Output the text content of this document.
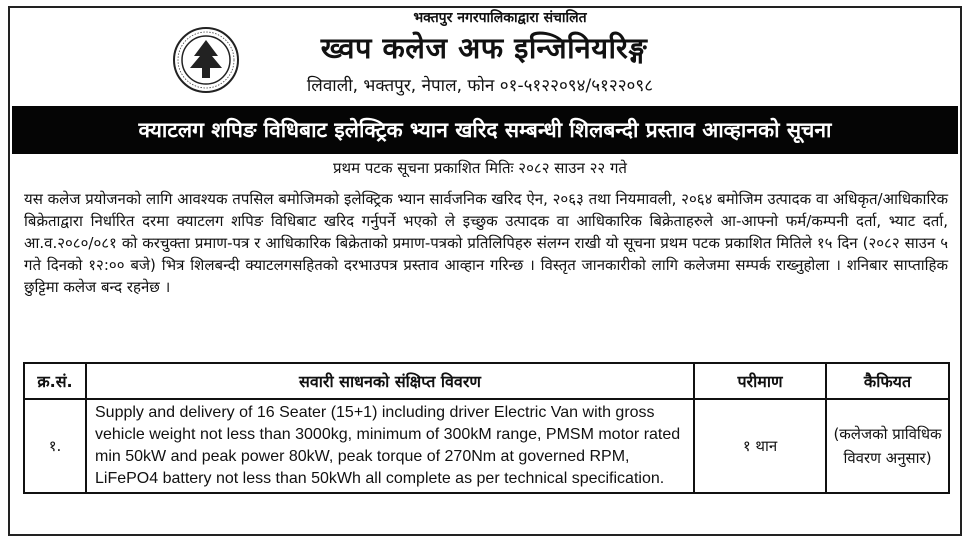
भक्तपुर नगरपालिकाद्वारा संचालित
ख्वप कलेज अफ इन्जिनियरिङ्ग
लिवाली, भक्तपुर, नेपाल, फोन ०१-५१२२०९४/५१२२०९८
क्याटलग शपिङ विधिबाट इलेक्ट्रिक भ्यान खरिद सम्बन्धी शिलबन्दी प्रस्ताव आव्हानको सूचना
प्रथम पटक सूचना प्रकाशित मितिः २०८२ साउन २२ गते
यस कलेज प्रयोजनको लागि आवश्यक तपसिल बमोजिमको इलेक्ट्रिक भ्यान सार्वजनिक खरिद ऐन, २०६३ तथा नियमावली, २०६४ बमोजिम उत्पादक वा अधिकृत/आधिकारिक बिक्रेताद्वारा निर्धारित दरमा क्याटलग शपिङ विधिबाट खरिद गर्नुपर्ने भएको ले इच्छुक उत्पादक वा आधिकारिक बिक्रेताहरुले आ-आफ्नो फर्म/कम्पनी दर्ता, भ्याट दर्ता, आ.व.२०८०/०८१ को करचुक्ता प्रमाण-पत्र र आधिकारिक बिक्रेताको प्रमाण-पत्रको प्रतिलिपिहरु संलग्न राखी यो सूचना प्रथम पटक प्रकाशित मितिले १५ दिन (२०८२ साउन ५ गते दिनको १२:०० बजे) भित्र शिलबन्दी क्याटलगसहितको दरभाउपत्र प्रस्ताव आव्हान गरिन्छ । विस्तृत जानकारीको लागि कलेजमा सम्पर्क राख्नुहोला । शनिबार साप्ताहिक छुट्टिमा कलेज बन्द रहनेछ ।
क्र.सं.	सवारी साधनको संक्षिप्त विवरण	परीमाण	कैफियत
१.	Supply and delivery of 16 Seater (15+1) including driver Electric Van with gross vehicle weight not less than 3000kg, minimum of 300kM range, PMSM motor rated min 50kW and peak power 80kW, peak torque of 270Nm at governed RPM, LiFePO4 battery not less than 50kWh all complete as per technical specification.	१ थान	(कलेजको प्राविधिक विवरण अनुसार)
